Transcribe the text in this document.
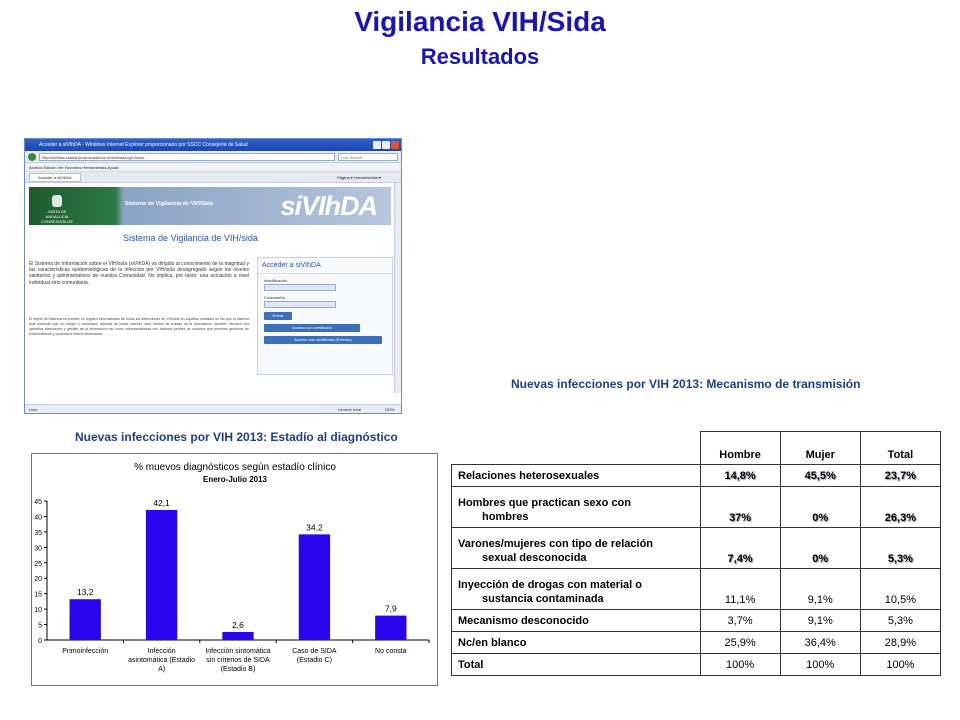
Vigilancia VIH/Sida
Resultados
Acceder a siVIhDA - Windows Internet Explorer proporcionado por SSCC Consejería de Salud
http://sivihda.csalud.junta-andalucia.es/sivihda/login.faces	Live Search
Archivo Edición Ver Favoritos Herramientas Ayuda
Acceder a siVIhDA	Página ▾ Herramientas ▾
JUNTA DE ANDALUCIA
CONSEJERÍA DE SALUD
Sistema de Vigilancia de VIH/Sida	siVIhDA
Sistema de Vigilancia de VIH/sida
El Sistema de Información sobre el VIH/sida (siVIhDA) va dirigido al conocimiento de la magnitud y las características epidemiológicas de la infección por VIH/sida desagregado según los niveles sanitarios y administrativos de nuestra Comunidad. No implica, por tanto, una actuación a nivel individual sino comunitaria.
El objeto del sistema es proveer un registro informatizado de todas las detecciones de VIH/sida en aquellas unidades en las que el sistema esté presente que se integre y comunique además de poder obtener unos niveles de estudio de la información, también ofrecerá una operativa eliminación y gestión de la información así como interoperatividad con distintos perfiles de usuarios que permitan gestionar de forma eficiente y productiva toda la información.
Acceder a siVIhDA
Identificación
Contraseña
Entrar
Acceso con certificado
Acceso con certificado (Exterior)
Listo	Intranet local	100%
Nuevas infecciones por VIH 2013: Estadío al diagnóstico
% muevos diagnósticos según estadío clínico
Enero-Julio 2013
0
5
10
15
20
25
30
35
40
45
13,2
Primoinfección
42,1
Infección
asintomática (Estadio
A)
2,6
Infección sintomática
sin criterios de SIDA
(Estadio B)
34,2
Caso de SIDA
(Estadio C)
7,9
No consta
Nuevas infecciones por VIH 2013: Mecanismo de transmisión
	Hombre	Mujer	Total
Relaciones heterosexuales	14,8%	45,5%	23,7%
Hombres que practican sexo con
hombres	37%	0%	26,3%
Varones/mujeres con tipo de relación
sexual desconocida	7,4%	0%	5,3%
Inyección de drogas con material o
sustancia contaminada	11,1%	9,1%	10,5%
Mecanismo desconocido	3,7%	9,1%	5,3%
Nc/en blanco	25,9%	36,4%	28,9%
Total	100%	100%	100%
